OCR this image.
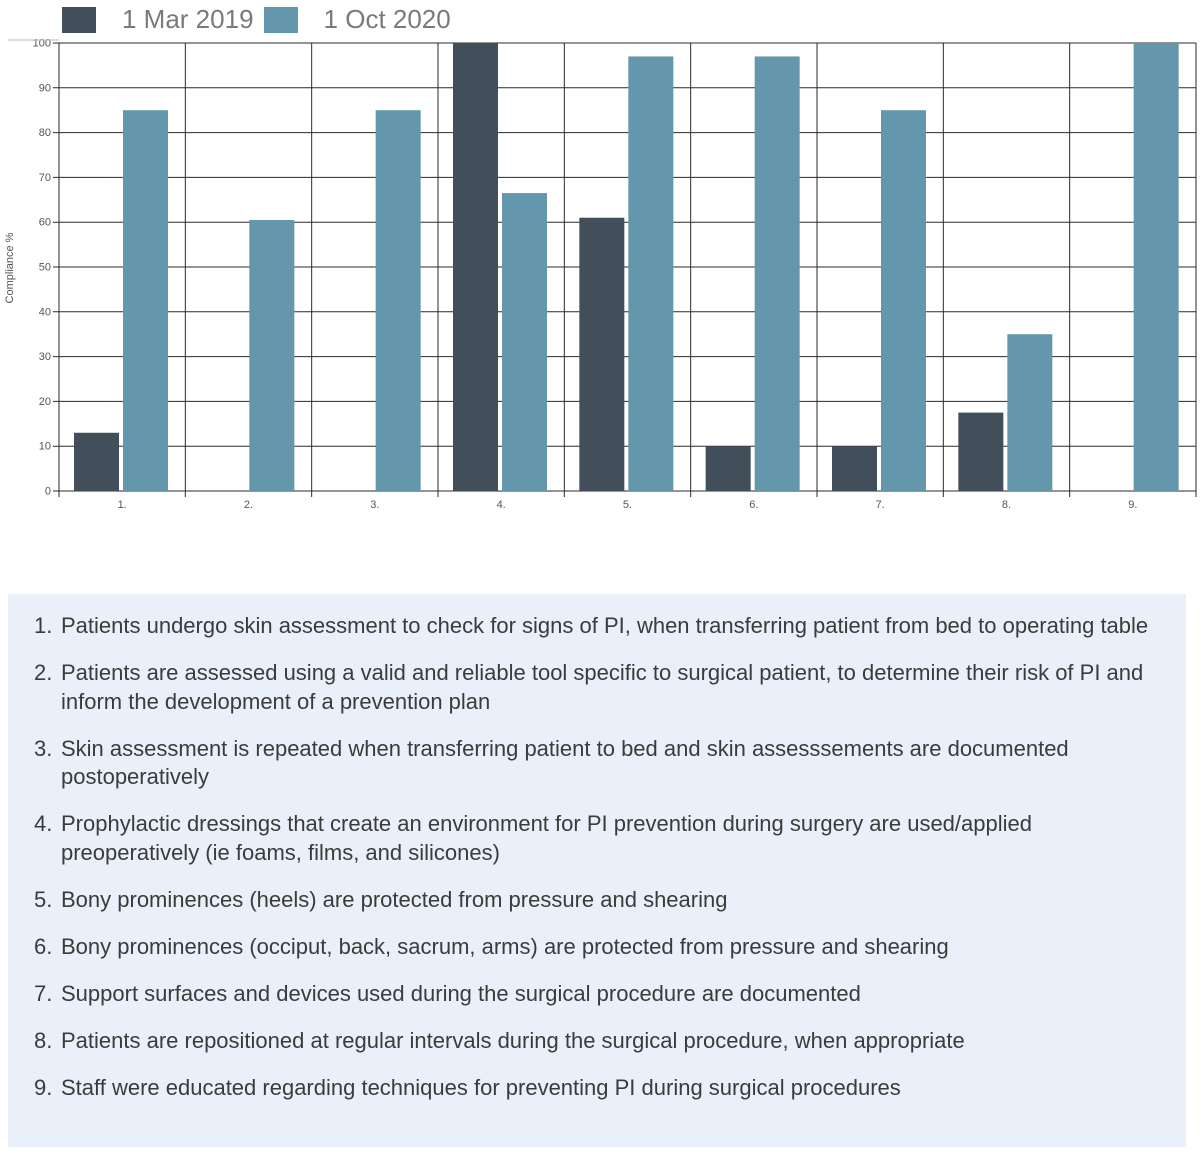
0
10
20
30
40
50
60
70
80
90
100
1.	2.	3.	4.	5.	6.	7.	8.	9.
Compliance %
1 Mar 2019	1 Oct 2020
1. Patients undergo skin assessment to check for signs of PI, when transferring patient from bed to operating table
2. Patients are assessed using a valid and reliable tool specific to surgical patient, to determine their risk of PI and inform the development of a prevention plan
3. Skin assessment is repeated when transferring patient to bed and skin assesssements are documented postoperatively
4. Prophylactic dressings that create an environment for PI prevention during surgery are used/applied preoperatively (ie foams, films, and silicones)
5. Bony prominences (heels) are protected from pressure and shearing
6. Bony prominences (occiput, back, sacrum, arms) are protected from pressure and shearing
7. Support surfaces and devices used during the surgical procedure are documented
8. Patients are repositioned at regular intervals during the surgical procedure, when appropriate
9. Staff were educated regarding techniques for preventing PI during surgical procedures
